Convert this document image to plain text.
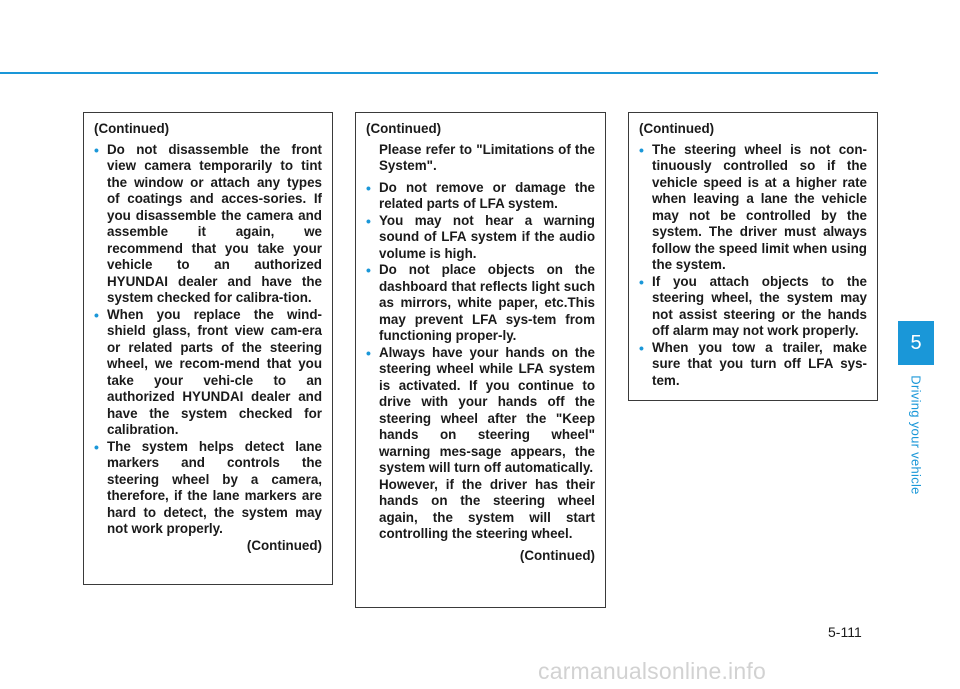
(Continued)

• Do not disassemble the front view camera temporarily to tint the window or attach any types of coatings and acces-sories. If you disassemble the camera and assemble it again, we recommend that you take your vehicle to an authorized HYUNDAI dealer and have the system checked for calibra-tion.

• When you replace the wind-shield glass, front view cam-era or related parts of the steering wheel, we recom-mend that you take your vehi-cle to an authorized HYUNDAI dealer and have the system checked for calibration.

• The system helps detect lane markers and controls the steering wheel by a camera, therefore, if the lane markers are hard to detect, the system may not work properly.

(Continued)

(Continued)

Please refer to "Limitations of the System".

• Do not remove or damage the related parts of LFA system.

• You may not hear a warning sound of LFA system if the audio volume is high.

• Do not place objects on the dashboard that reflects light such as mirrors, white paper, etc.This may prevent LFA sys-tem from functioning proper-ly.

• Always have your hands on the steering wheel while LFA system is activated. If you continue to drive with your hands off the steering wheel after the "Keep hands on steering wheel" warning mes-sage appears, the system will turn off automatically.

However, if the driver has their hands on the steering wheel again, the system will start controlling the steering wheel.

(Continued)

(Continued)

• The steering wheel is not con-tinuously controlled so if the vehicle speed is at a higher rate when leaving a lane the vehicle may not be controlled by the system. The driver must always follow the speed limit when using the system.

• If you attach objects to the steering wheel, the system may not assist steering or the hands off alarm may not work properly.

• When you tow a trailer, make sure that you turn off LFA sys-tem.

5
Driving your vehicle
5-111
carmanualsonline.info
